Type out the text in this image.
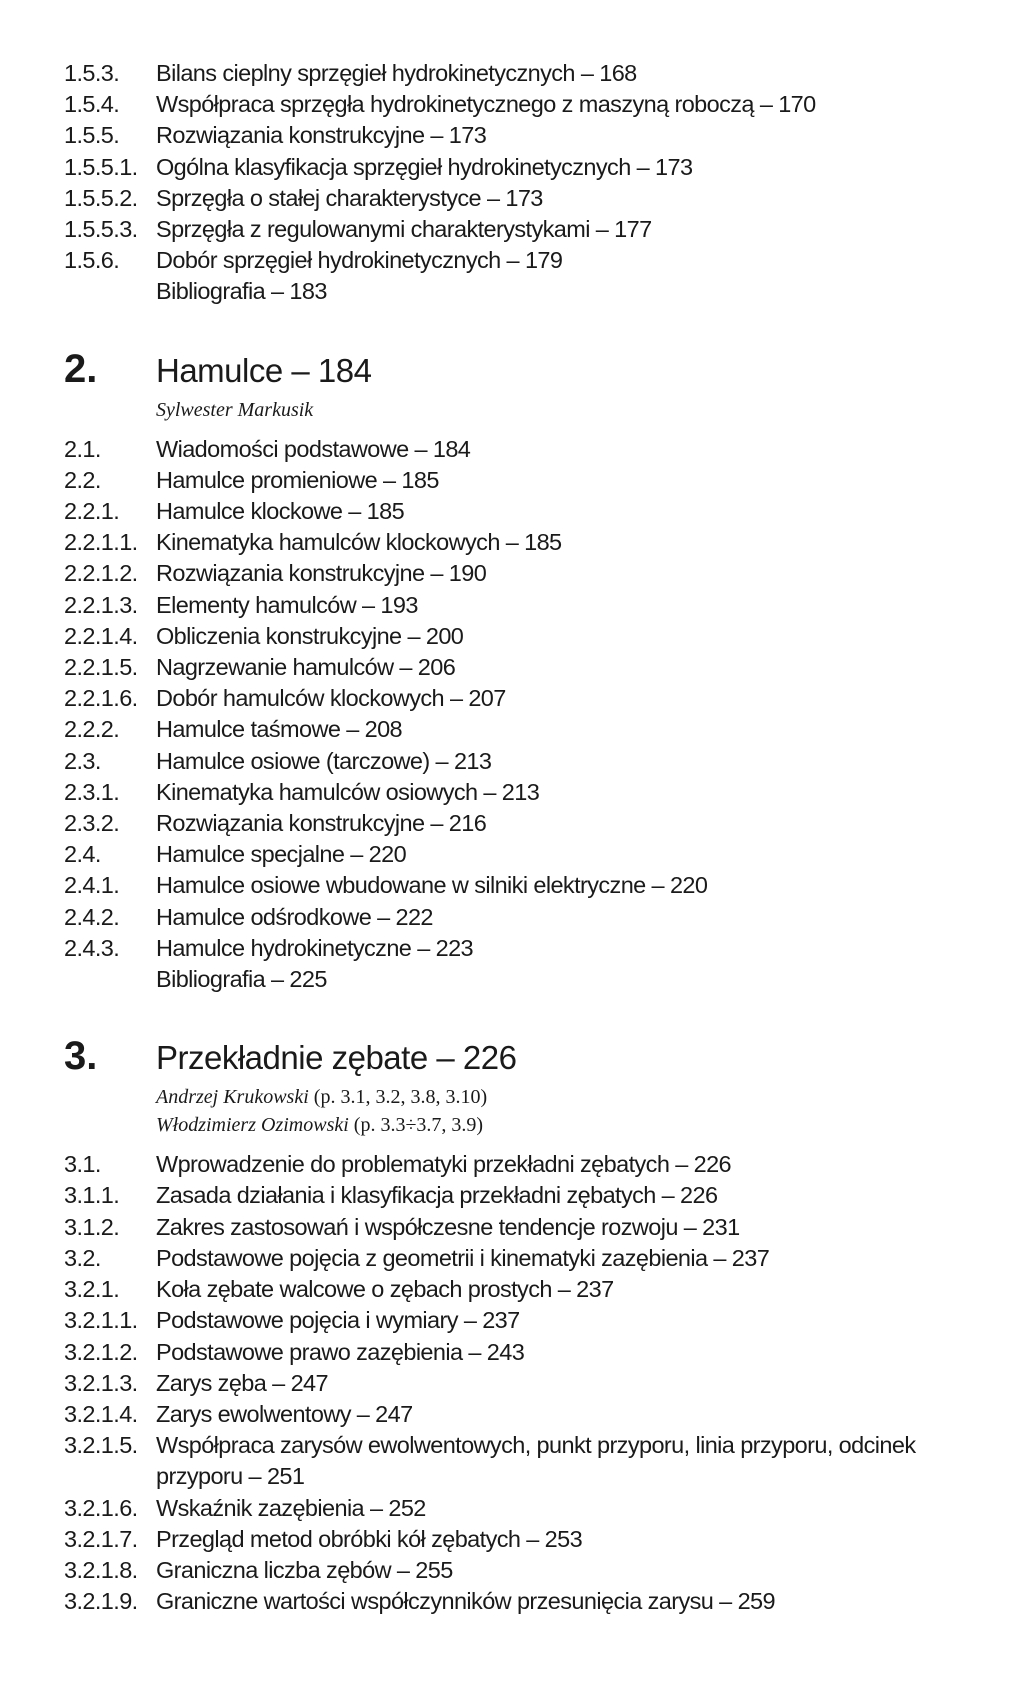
1.5.3.	Bilans cieplny sprzęgieł hydrokinetycznych – 168
1.5.4.	Współpraca sprzęgła hydrokinetycznego z maszyną roboczą – 170
1.5.5.	Rozwiązania konstrukcyjne – 173
1.5.5.1. Ogólna klasyfikacja sprzęgieł hydrokinetycznych – 173
1.5.5.2. Sprzęgła o stałej charakterystyce – 173
1.5.5.3. Sprzęgła z regulowanymi charakterystykami – 177
1.5.6.	Dobór sprzęgieł hydrokinetycznych – 179
Bibliografia – 183
2.	Hamulce – 184
Sylwester Markusik
2.1.	Wiadomości podstawowe – 184
2.2.	Hamulce promieniowe – 185
2.2.1.	Hamulce klockowe – 185
2.2.1.1. Kinematyka hamulców klockowych – 185
2.2.1.2. Rozwiązania konstrukcyjne – 190
2.2.1.3. Elementy hamulców – 193
2.2.1.4. Obliczenia konstrukcyjne – 200
2.2.1.5. Nagrzewanie hamulców – 206
2.2.1.6. Dobór hamulców klockowych – 207
2.2.2.	Hamulce taśmowe – 208
2.3.	Hamulce osiowe (tarczowe) – 213
2.3.1.	Kinematyka hamulców osiowych – 213
2.3.2.	Rozwiązania konstrukcyjne – 216
2.4.	Hamulce specjalne – 220
2.4.1.	Hamulce osiowe wbudowane w silniki elektryczne – 220
2.4.2.	Hamulce odśrodkowe – 222
2.4.3.	Hamulce hydrokinetyczne – 223
Bibliografia – 225
3.	Przekładnie zębate – 226
Andrzej Krukowski (p. 3.1, 3.2, 3.8, 3.10)
Włodzimierz Ozimowski (p. 3.3÷3.7, 3.9)
3.1.	Wprowadzenie do problematyki przekładni zębatych – 226
3.1.1.	Zasada działania i klasyfikacja przekładni zębatych – 226
3.1.2.	Zakres zastosowań i współczesne tendencje rozwoju – 231
3.2.	Podstawowe pojęcia z geometrii i kinematyki zazębienia – 237
3.2.1.	Koła zębate walcowe o zębach prostych – 237
3.2.1.1. Podstawowe pojęcia i wymiary – 237
3.2.1.2. Podstawowe prawo zazębienia – 243
3.2.1.3. Zarys zęba – 247
3.2.1.4. Zarys ewolwentowy – 247
3.2.1.5. Współpraca zarysów ewolwentowych, punkt przyporu, linia przyporu, odcinek przyporu – 251
3.2.1.6. Wskaźnik zazębienia – 252
3.2.1.7. Przegląd metod obróbki kół zębatych – 253
3.2.1.8. Graniczna liczba zębów – 255
3.2.1.9. Graniczne wartości współczynników przesunięcia zarysu – 259
